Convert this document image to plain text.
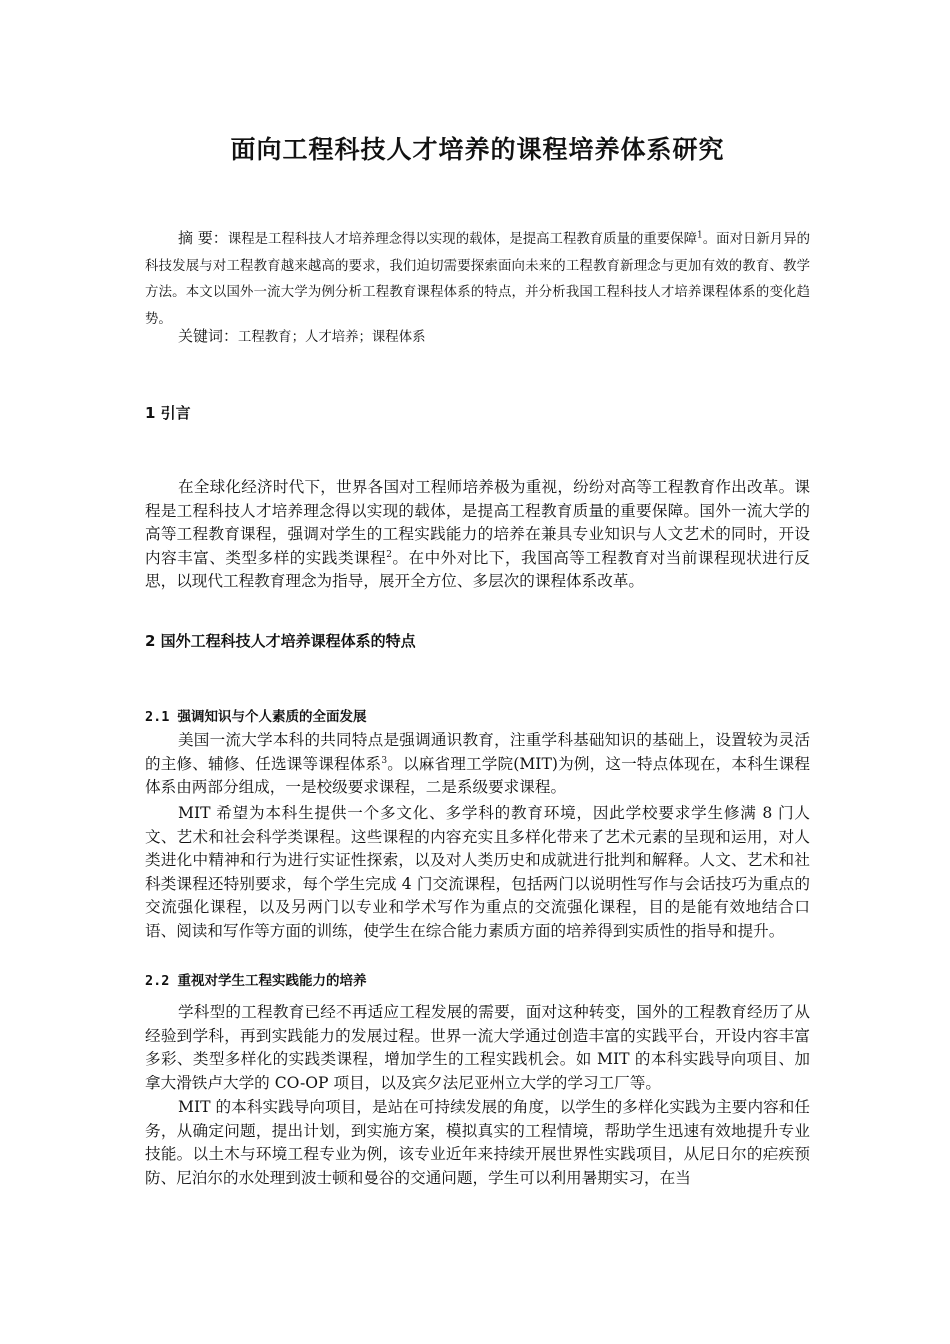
面向工程科技人才培养的课程培养体系研究

摘 要：课程是工程科技人才培养理念得以实现的载体，是提高工程教育质量的重要保障$^1$。面对日新月异的科技发展与对工程教育越来越高的要求，我们迫切需要探索面向未来的工程教育新理念与更加有效的教育、教学方法。本文以国外一流大学为例分析工程教育课程体系的特点，并分析我国工程科技人才培养课程体系的变化趋势。

关键词：工程教育；人才培养；课程体系

1 引言

在全球化经济时代下，世界各国对工程师培养极为重视，纷纷对高等工程教育作出改革。课程是工程科技人才培养理念得以实现的载体，是提高工程教育质量的重要保障。国外一流大学的高等工程教育课程，强调对学生的工程实践能力的培养在兼具专业知识与人文艺术的同时，开设内容丰富、类型多样的实践类课程$^2$。在中外对比下，我国高等工程教育对当前课程现状进行反思，以现代工程教育理念为指导，展开全方位、多层次的课程体系改革。

2 国外工程科技人才培养课程体系的特点
2.1 强调知识与个人素质的全面发展

美国一流大学本科的共同特点是强调通识教育，注重学科基础知识的基础上，设置较为灵活的主修、辅修、任选课等课程体系$^3$。以麻省理工学院(MIT)为例，这一特点体现在，本科生课程体系由两部分组成，一是校级要求课程，二是系级要求课程。

MIT 希望为本科生提供一个多文化、多学科的教育环境，因此学校要求学生修满 8 门人文、艺术和社会科学类课程。这些课程的内容充实且多样化带来了艺术元素的呈现和运用，对人类进化中精神和行为进行实证性探索，以及对人类历史和成就进行批判和解释。人文、艺术和社科类课程还特别要求，每个学生完成 4 门交流课程，包括两门以说明性写作与会话技巧为重点的交流强化课程，以及另两门以专业和学术写作为重点的交流强化课程，目的是能有效地结合口语、阅读和写作等方面的训练，使学生在综合能力素质方面的培养得到实质性的指导和提升。

2.2 重视对学生工程实践能力的培养

学科型的工程教育已经不再适应工程发展的需要，面对这种转变，国外的工程教育经历了从经验到学科，再到实践能力的发展过程。世界一流大学通过创造丰富的实践平台，开设内容丰富多彩、类型多样化的实践类课程，增加学生的工程实践机会。如 MIT 的本科实践导向项目、加拿大滑铁卢大学的 CO-OP 项目，以及宾夕法尼亚州立大学的学习工厂等。

MIT 的本科实践导向项目，是站在可持续发展的角度，以学生的多样化实践为主要内容和任务，从确定问题，提出计划，到实施方案，模拟真实的工程情境，帮助学生迅速有效地提升专业技能。以土木与环境工程专业为例，该专业近年来持续开展世界性实践项目，从尼日尔的疟疾预防、尼泊尔的水处理到波士顿和曼谷的交通问题，学生可以利用暑期实习，在当
